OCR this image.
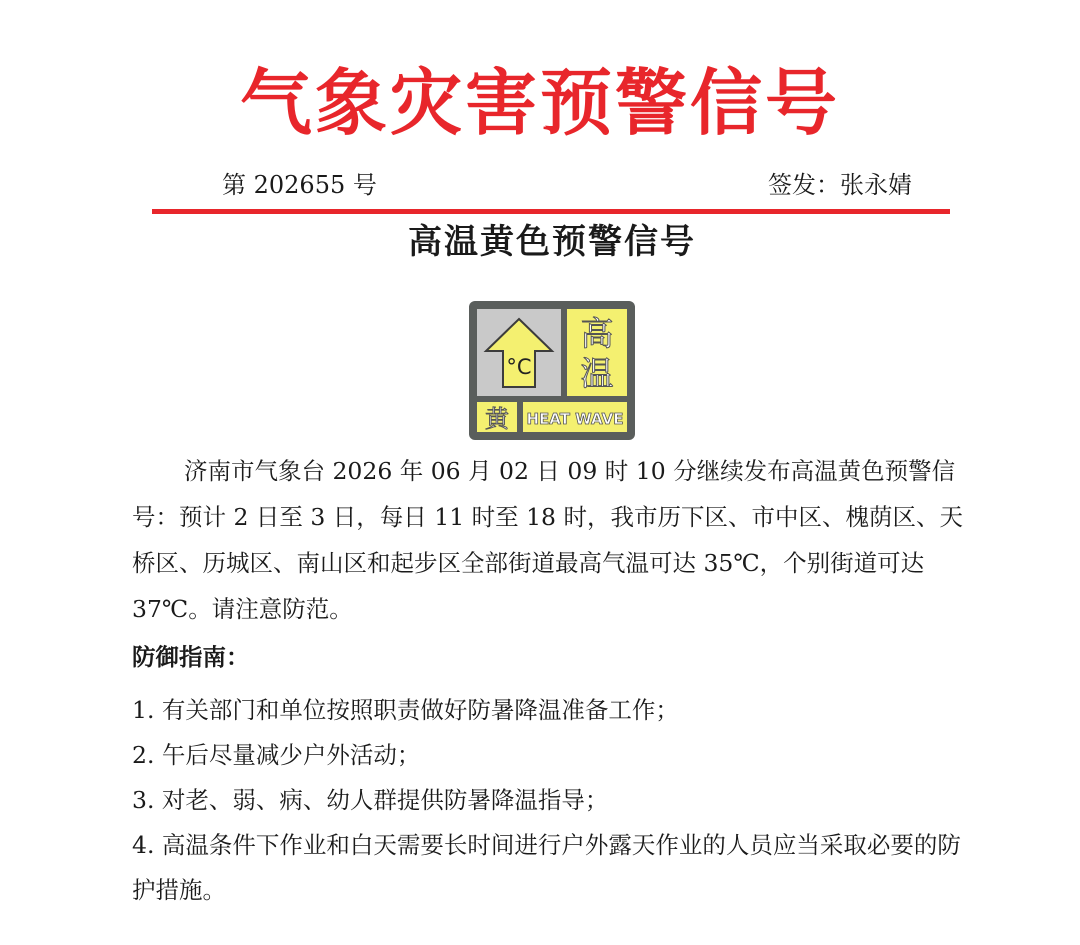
气象灾害预警信号
第 202655 号	签发：张永婧
高温黄色预警信号
°C
高
温
黄 HEAT WAVE

济南市气象台 2026 年 06 月 02 日 09 时 10 分继续发布高温黄色预警信号：预计 2 日至 3 日，每日 11 时至 18 时，我市历下区、市中区、槐荫区、天桥区、历城区、南山区和起步区全部街道最高气温可达 35℃，个别街道可达 37℃。请注意防范。

防御指南：
1. 有关部门和单位按照职责做好防暑降温准备工作；
2. 午后尽量减少户外活动；
3. 对老、弱、病、幼人群提供防暑降温指导；
4. 高温条件下作业和白天需要长时间进行户外露天作业的人员应当采取必要的防护措施。
